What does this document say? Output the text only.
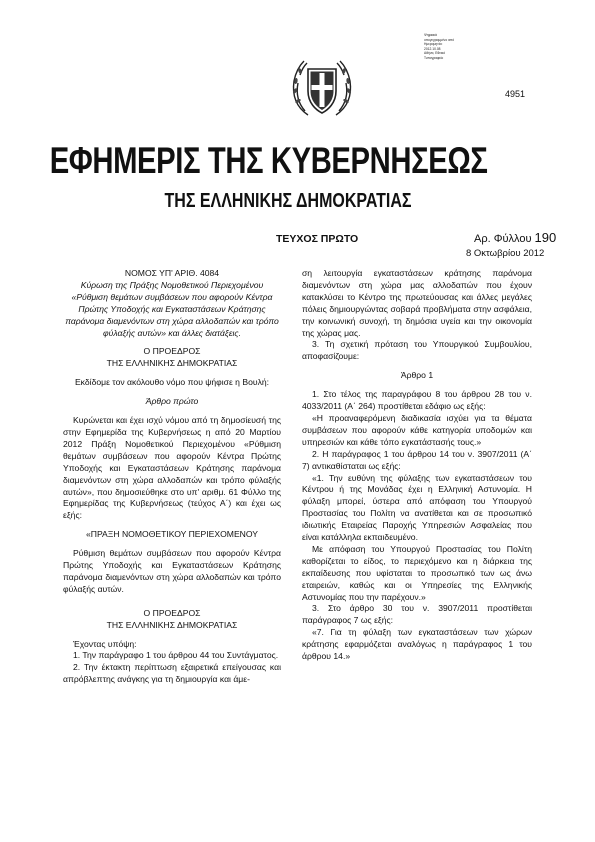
Ψηφιακά
υπογεγραμμένο από
Ημερομηνία:
2012.10.08
Αθήνα, Εθνικό
Τυπογραφείο
4951
ΕΦΗΜΕΡΙΣ ΤΗΣ ΚΥΒΕΡΝΗΣΕΩΣ
ΤΗΣ ΕΛΛΗΝΙΚΗΣ ΔΗΜΟΚΡΑΤΙΑΣ
ΤΕΥΧΟΣ ΠΡΩΤΟ	Αρ. Φύλλου 190
8 Οκτωβρίου 2012

ΝΟΜΟΣ ΥΠ' ΑΡΙΘ. 4084

Κύρωση της Πράξης Νομοθετικού Περιεχομένου «Ρύθμιση θεμάτων συμβάσεων που αφορούν Κέντρα Πρώτης Υποδοχής και Εγκαταστάσεων Κράτησης παράνομα διαμενόντων στη χώρα αλλοδαπών και τρόπο φύλαξής αυτών» και άλλες διατάξεις.

Ο ΠΡΟΕΔΡΟΣ

ΤΗΣ ΕΛΛΗΝΙΚΗΣ ΔΗΜΟΚΡΑΤΙΑΣ

Εκδίδομε τον ακόλουθο νόμο που ψήφισε η Βουλή:

Άρθρο πρώτο

Κυρώνεται και έχει ισχύ νόμου από τη δημοσίευσή της στην Εφημερίδα της Κυβερνήσεως η από 20 Μαρτίου 2012 Πράξη Νομοθετικού Περιεχομένου «Ρύθμιση θεμάτων συμβάσεων που αφορούν Κέντρα Πρώτης Υποδοχής και Εγκαταστάσεων Κράτησης παράνομα διαμενόντων στη χώρα αλλοδαπών και τρόπο φύλαξής αυτών», που δημοσιεύθηκε στο υπ' αριθμ. 61 Φύλλο της Εφημερίδας της Κυβερνήσεως (τεύχος Α΄) και έχει ως εξής:

«ΠΡΑΞΗ ΝΟΜΟΘΕΤΙΚΟΥ ΠΕΡΙΕΧΟΜΕΝΟΥ

Ρύθμιση θεμάτων συμβάσεων που αφορούν Κέντρα Πρώτης Υποδοχής και Εγκαταστάσεων Κράτησης παράνομα διαμενόντων στη χώρα αλλοδαπών και τρόπο φύλαξής αυτών.

Ο ΠΡΟΕΔΡΟΣ

ΤΗΣ ΕΛΛΗΝΙΚΗΣ ΔΗΜΟΚΡΑΤΙΑΣ

Έχοντας υπόψη:

1. Την παράγραφο 1 του άρθρου 44 του Συντάγματος.

2. Την έκτακτη περίπτωση εξαιρετικά επείγουσας και απρόβλεπτης ανάγκης για τη δημιουργία και άμε-

ση λειτουργία εγκαταστάσεων κράτησης παράνομα διαμενόντων στη χώρα μας αλλοδαπών που έχουν κατακλύσει το Κέντρο της πρωτεύουσας και άλλες μεγάλες πόλεις δημιουργώντας σοβαρά προβλήματα στην ασφάλεια, την κοινωνική συνοχή, τη δημόσια υγεία και την οικονομία της χώρας μας.

3. Τη σχετική πρόταση του Υπουργικού Συμβουλίου, αποφασίζουμε:

Άρθρο 1

1. Στο τέλος της παραγράφου 8 του άρθρου 28 του ν. 4033/2011 (Α΄ 264) προστίθεται εδάφιο ως εξής:

«Η προαναφερόμενη διαδικασία ισχύει για τα θέματα συμβάσεων που αφορούν κάθε κατηγορία υποδομών και υπηρεσιών και κάθε τόπο εγκατάστασής τους.»

2. Η παράγραφος 1 του άρθρου 14 του ν. 3907/2011 (Α΄ 7) αντικαθίσταται ως εξής:

«1. Την ευθύνη της φύλαξης των εγκαταστάσεων του Κέντρου ή της Μονάδας έχει η Ελληνική Αστυνομία. Η φύλαξη μπορεί, ύστερα από απόφαση του Υπουργού Προστασίας του Πολίτη να ανατίθεται και σε προσωπικό ιδιωτικής Εταιρείας Παροχής Υπηρεσιών Ασφαλείας που είναι κατάλληλα εκπαιδευμένο.

Με απόφαση του Υπουργού Προστασίας του Πολίτη καθορίζεται το είδος, το περιεχόμενο και η διάρκεια της εκπαίδευσης που υφίσταται το προσωπικό των ως άνω εταιρειών, καθώς και οι Υπηρεσίες της Ελληνικής Αστυνομίας που την παρέχουν.»

3. Στο άρθρο 30 του ν. 3907/2011 προστίθεται παράγραφος 7 ως εξής:

«7. Για τη φύλαξη των εγκαταστάσεων των χώρων κράτησης εφαρμόζεται αναλόγως η παράγραφος 1 του άρθρου 14.»
